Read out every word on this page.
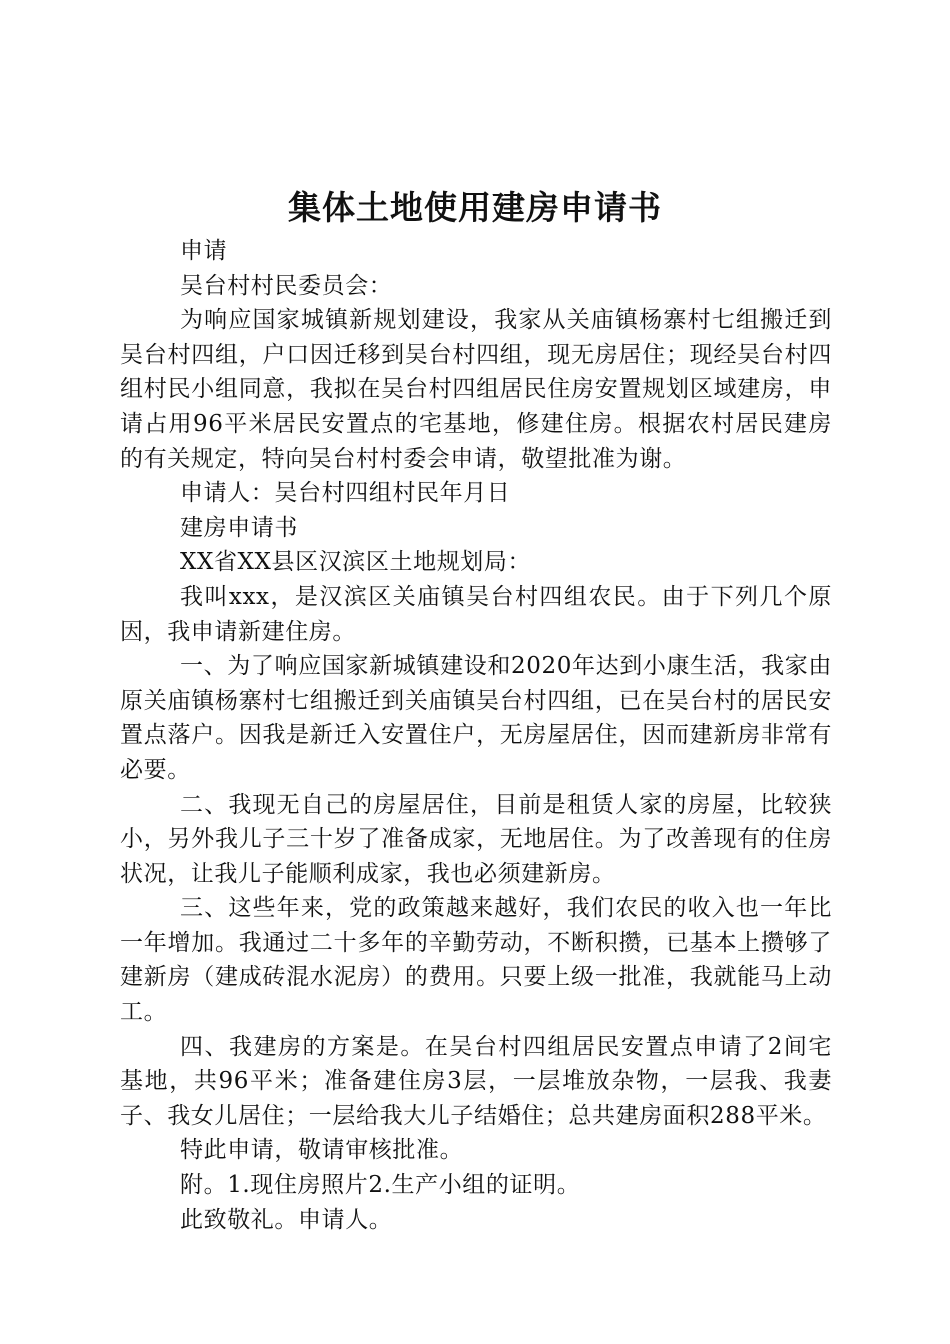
集体土地使用建房申请书

申请

吴台村村民委员会：

为响应国家城镇新规划建设，我家从关庙镇杨寨村七组搬迁到吴台村四组，户口因迁移到吴台村四组，现无房居住；现经吴台村四组村民小组同意，我拟在吴台村四组居民住房安置规划区域建房，申请占用96平米居民安置点的宅基地，修建住房。根据农村居民建房的有关规定，特向吴台村村委会申请，敬望批准为谢。

申请人：吴台村四组村民年月日

建房申请书

XX省XX县区汉滨区土地规划局：

我叫xxx，是汉滨区关庙镇吴台村四组农民。由于下列几个原因，我申请新建住房。

一、为了响应国家新城镇建设和2020年达到小康生活，我家由原关庙镇杨寨村七组搬迁到关庙镇吴台村四组，已在吴台村的居民安置点落户。因我是新迁入安置住户，无房屋居住，因而建新房非常有必要。

二、我现无自己的房屋居住，目前是租赁人家的房屋，比较狭小，另外我儿子三十岁了准备成家，无地居住。为了改善现有的住房状况，让我儿子能顺利成家，我也必须建新房。

三、这些年来，党的政策越来越好，我们农民的收入也一年比一年增加。我通过二十多年的辛勤劳动，不断积攒，已基本上攒够了建新房（建成砖混水泥房）的费用。只要上级一批准，我就能马上动工。

四、我建房的方案是。在吴台村四组居民安置点申请了2间宅基地，共96平米；准备建住房3层，一层堆放杂物，一层我、我妻子、我女儿居住；一层给我大儿子结婚住；总共建房面积288平米。

特此申请，敬请审核批准。

附。1.现住房照片2.生产小组的证明。

此致敬礼。申请人。
